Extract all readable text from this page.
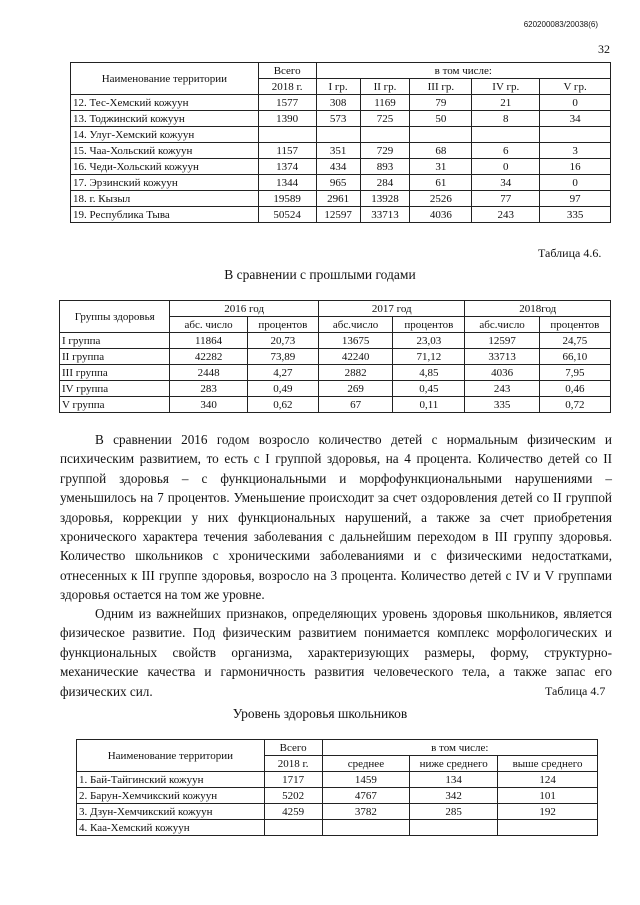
620200083/20038(6)
32
Наименование территории	Всего	в том числе:				
	2018 г.	I гр.	II гр.	III гр.	IV гр.	V гр.
12. Тес-Хемский кожуун	1577	308	1169	79	21	0
13. Тоджинский кожуун	1390	573	725	50	8	34
14. Улуг-Хемский кожуун						
15. Чаа-Хольский кожуун	1157	351	729	68	6	3
16. Чеди-Хольский кожуун	1374	434	893	31	0	16
17. Эрзинский кожуун	1344	965	284	61	34	0
18. г. Кызыл	19589	2961	13928	2526	77	97
19. Республика Тыва	50524	12597	33713	4036	243	335
Таблица 4.6.
В сравнении с прошлыми годами
Группы здоровья	2016 год		2017 год		2018год	
	абс. число	процентов	абс.число	процентов	абс.число	процентов
I группа	11864	20,73	13675	23,03	12597	24,75
II группа	42282	73,89	42240	71,12	33713	66,10
III группа	2448	4,27	2882	4,85	4036	7,95
IV группа	283	0,49	269	0,45	243	0,46
V группа	340	0,62	67	0,11	335	0,72

В сравнении 2016 годом возросло количество детей с нормальным физическим и психическим развитием, то есть с I группой здоровья, на 4 процента. Количество детей со II группой здоровья – с функциональными и морфофункциональными нарушениями – уменьшилось на 7 процентов. Уменьшение происходит за счет оздоровления детей со II группой здоровья, коррекции у них функциональных нарушений, а также за счет приобретения хронического характера течения заболевания с дальнейшим переходом в III группу здоровья. Количество школьников с хроническими заболеваниями и с физическими недостатками, отнесенных к III группе здоровья, возросло на 3 процента. Количество детей с IV и V группами здоровья остается на том же уровне.

Одним из важнейших признаков, определяющих уровень здоровья школьников, является физическое развитие. Под физическим развитием понимается комплекс морфологических и функциональных свойств организма, характеризующих размеры, форму, структурно-механические качества и гармоничность развития человеческого тела, а также запас его физических сил.	Таблица 4.7
Уровень здоровья школьников
Наименование территории	Всего	в том числе:		
	2018 г.	среднее	ниже среднего	выше среднего
1. Бай-Тайгинский кожуун	1717	1459	134	124
2. Барун-Хемчикский кожуун	5202	4767	342	101
3. Дзун-Хемчикский кожуун	4259	3782	285	192
4. Каа-Хемский кожуун				
